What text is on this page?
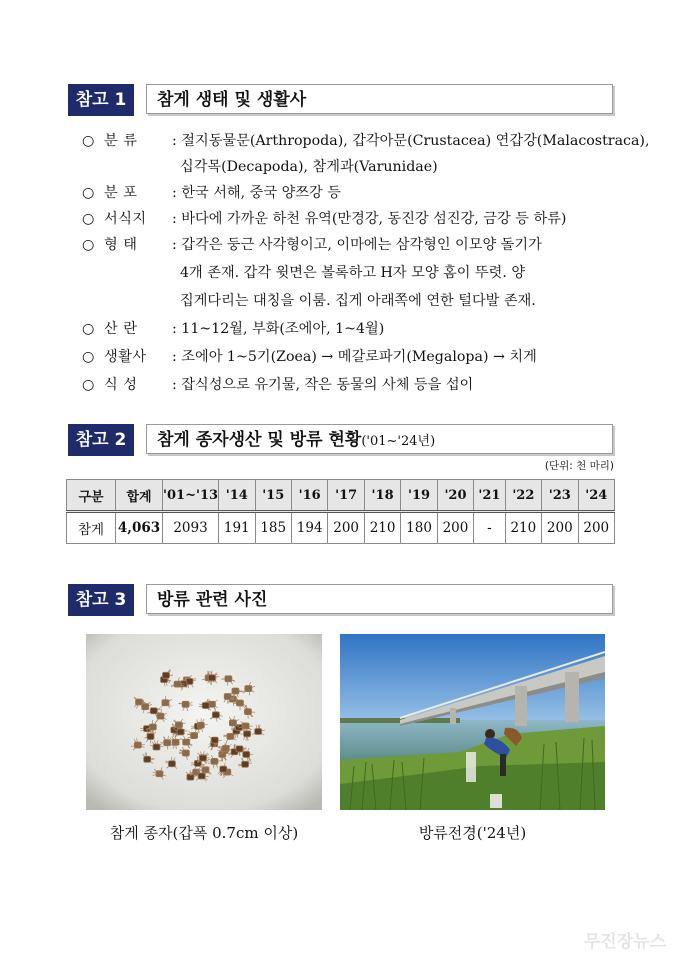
참고 1	참게 생태 및 생활사
○ 분 류 : 절지동물문(Arthropoda), 갑각아문(Crustacea) 연갑강(Malacostraca),
십각목(Decapoda), 참게과(Varunidae)
○ 분 포 : 한국 서해, 중국 양쯔강 등
○ 서식지 : 바다에 가까운 하천 유역(만경강, 동진강 섬진강, 금강 등 하류)
○ 형 태 : 갑각은 둥근 사각형이고, 이마에는 삼각형인 이모양 돌기가
4개 존재. 갑각 윗면은 볼록하고 H자 모양 홈이 뚜렷. 양
집게다리는 대칭을 이룸. 집게 아래쪽에 연한 털다발 존재.
○ 산 란 : 11~12월, 부화(조에아, 1~4월)
○ 생활사 : 조에아 1~5기(Zoea) → 메갈로파기(Megalopa) → 치게
○ 식 성 : 잡식성으로 유기물, 작은 동물의 사체 등을 섭이
참고 2	참게 종자생산 및 방류 현황('01~'24년)
(단위: 천 마리)
구분	합계	'01~'13	'14	'15	'16	'17	'18	'19	'20	'21	'22	'23	'24
참게	4,063	2093	191	185	194	200	210	180	200	-	210	200	200
참고 3	방류 관련 사진
참게 종자(갑폭 0.7cm 이상)	방류전경('24년)
무진장뉴스
